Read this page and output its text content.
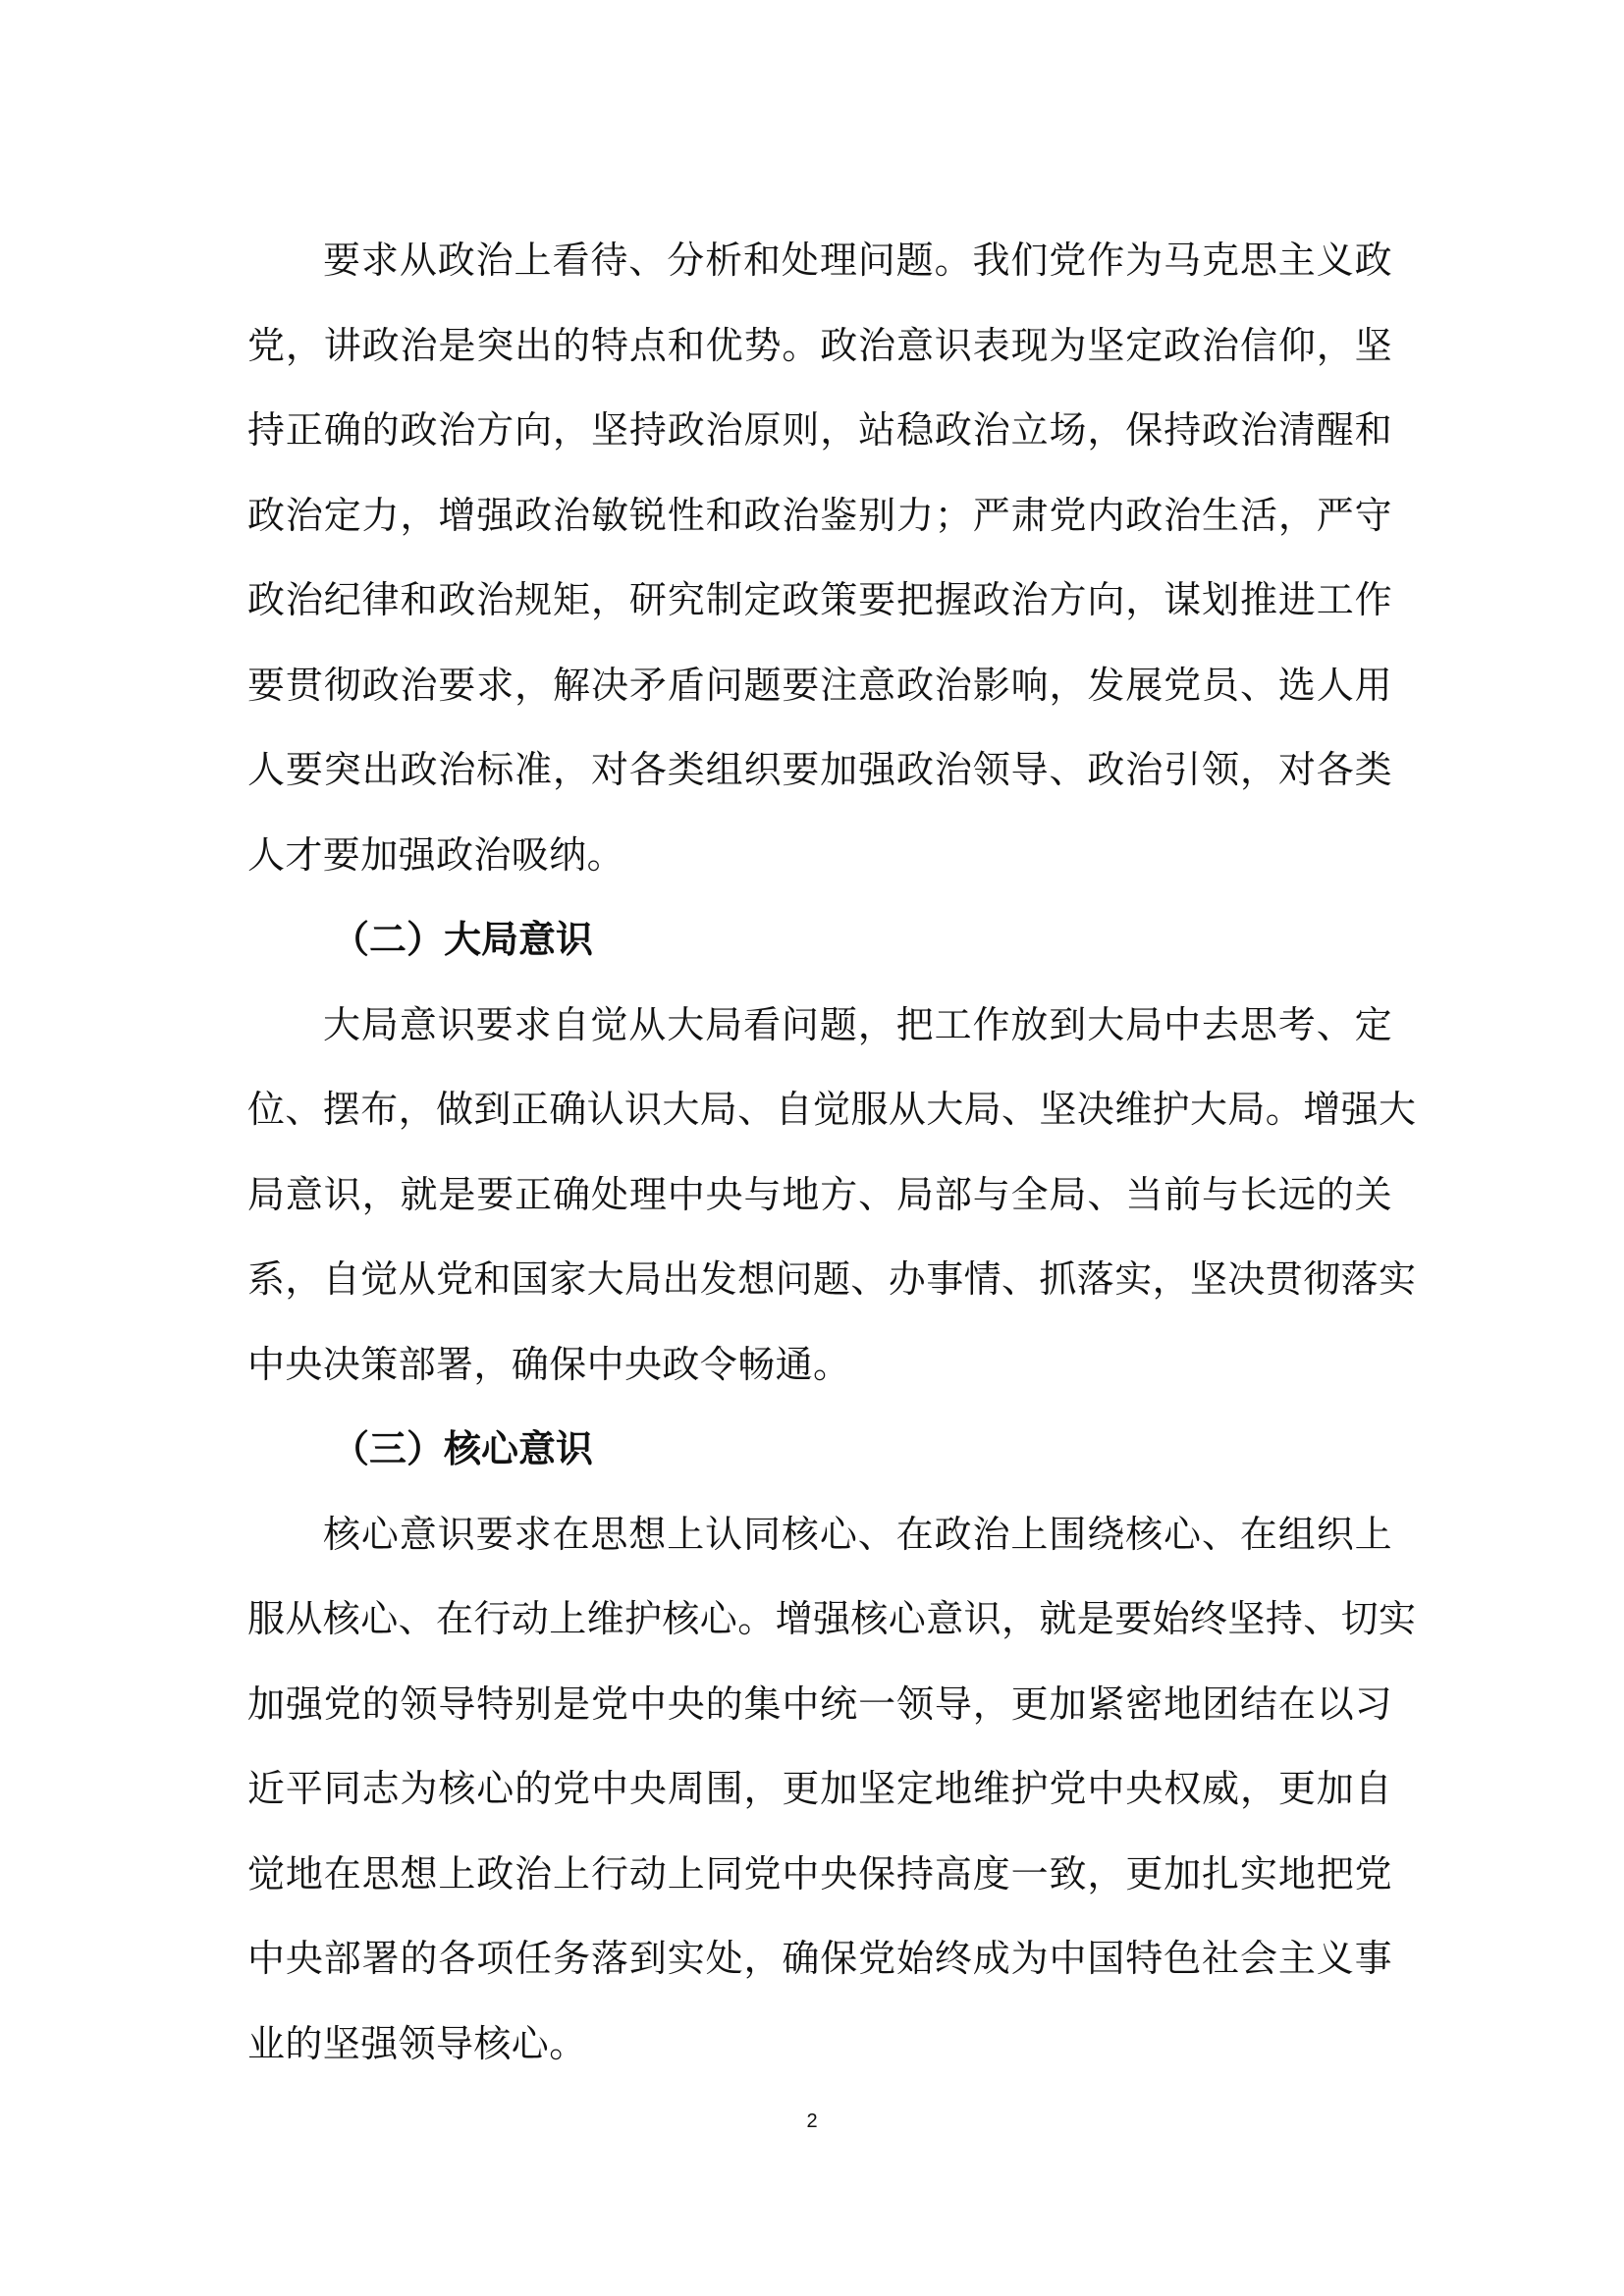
要求从政治上看待、分析和处理问题。我们党作为马克思主义政
党，讲政治是突出的特点和优势。政治意识表现为坚定政治信仰，坚
持正确的政治方向，坚持政治原则，站稳政治立场，保持政治清醒和
政治定力，增强政治敏锐性和政治鉴别力；严肃党内政治生活，严守
政治纪律和政治规矩，研究制定政策要把握政治方向，谋划推进工作
要贯彻政治要求，解决矛盾问题要注意政治影响，发展党员、选人用
人要突出政治标准，对各类组织要加强政治领导、政治引领，对各类
人才要加强政治吸纳。
（二）大局意识
大局意识要求自觉从大局看问题，把工作放到大局中去思考、定
位、摆布，做到正确认识大局、自觉服从大局、坚决维护大局。增强大
局意识，就是要正确处理中央与地方、局部与全局、当前与长远的关
系，自觉从党和国家大局出发想问题、办事情、抓落实，坚决贯彻落实
中央决策部署，确保中央政令畅通。
（三）核心意识
核心意识要求在思想上认同核心、在政治上围绕核心、在组织上
服从核心、在行动上维护核心。增强核心意识，就是要始终坚持、切实
加强党的领导特别是党中央的集中统一领导，更加紧密地团结在以习
近平同志为核心的党中央周围，更加坚定地维护党中央权威，更加自
觉地在思想上政治上行动上同党中央保持高度一致，更加扎实地把党
中央部署的各项任务落到实处，确保党始终成为中国特色社会主义事
业的坚强领导核心。
2
